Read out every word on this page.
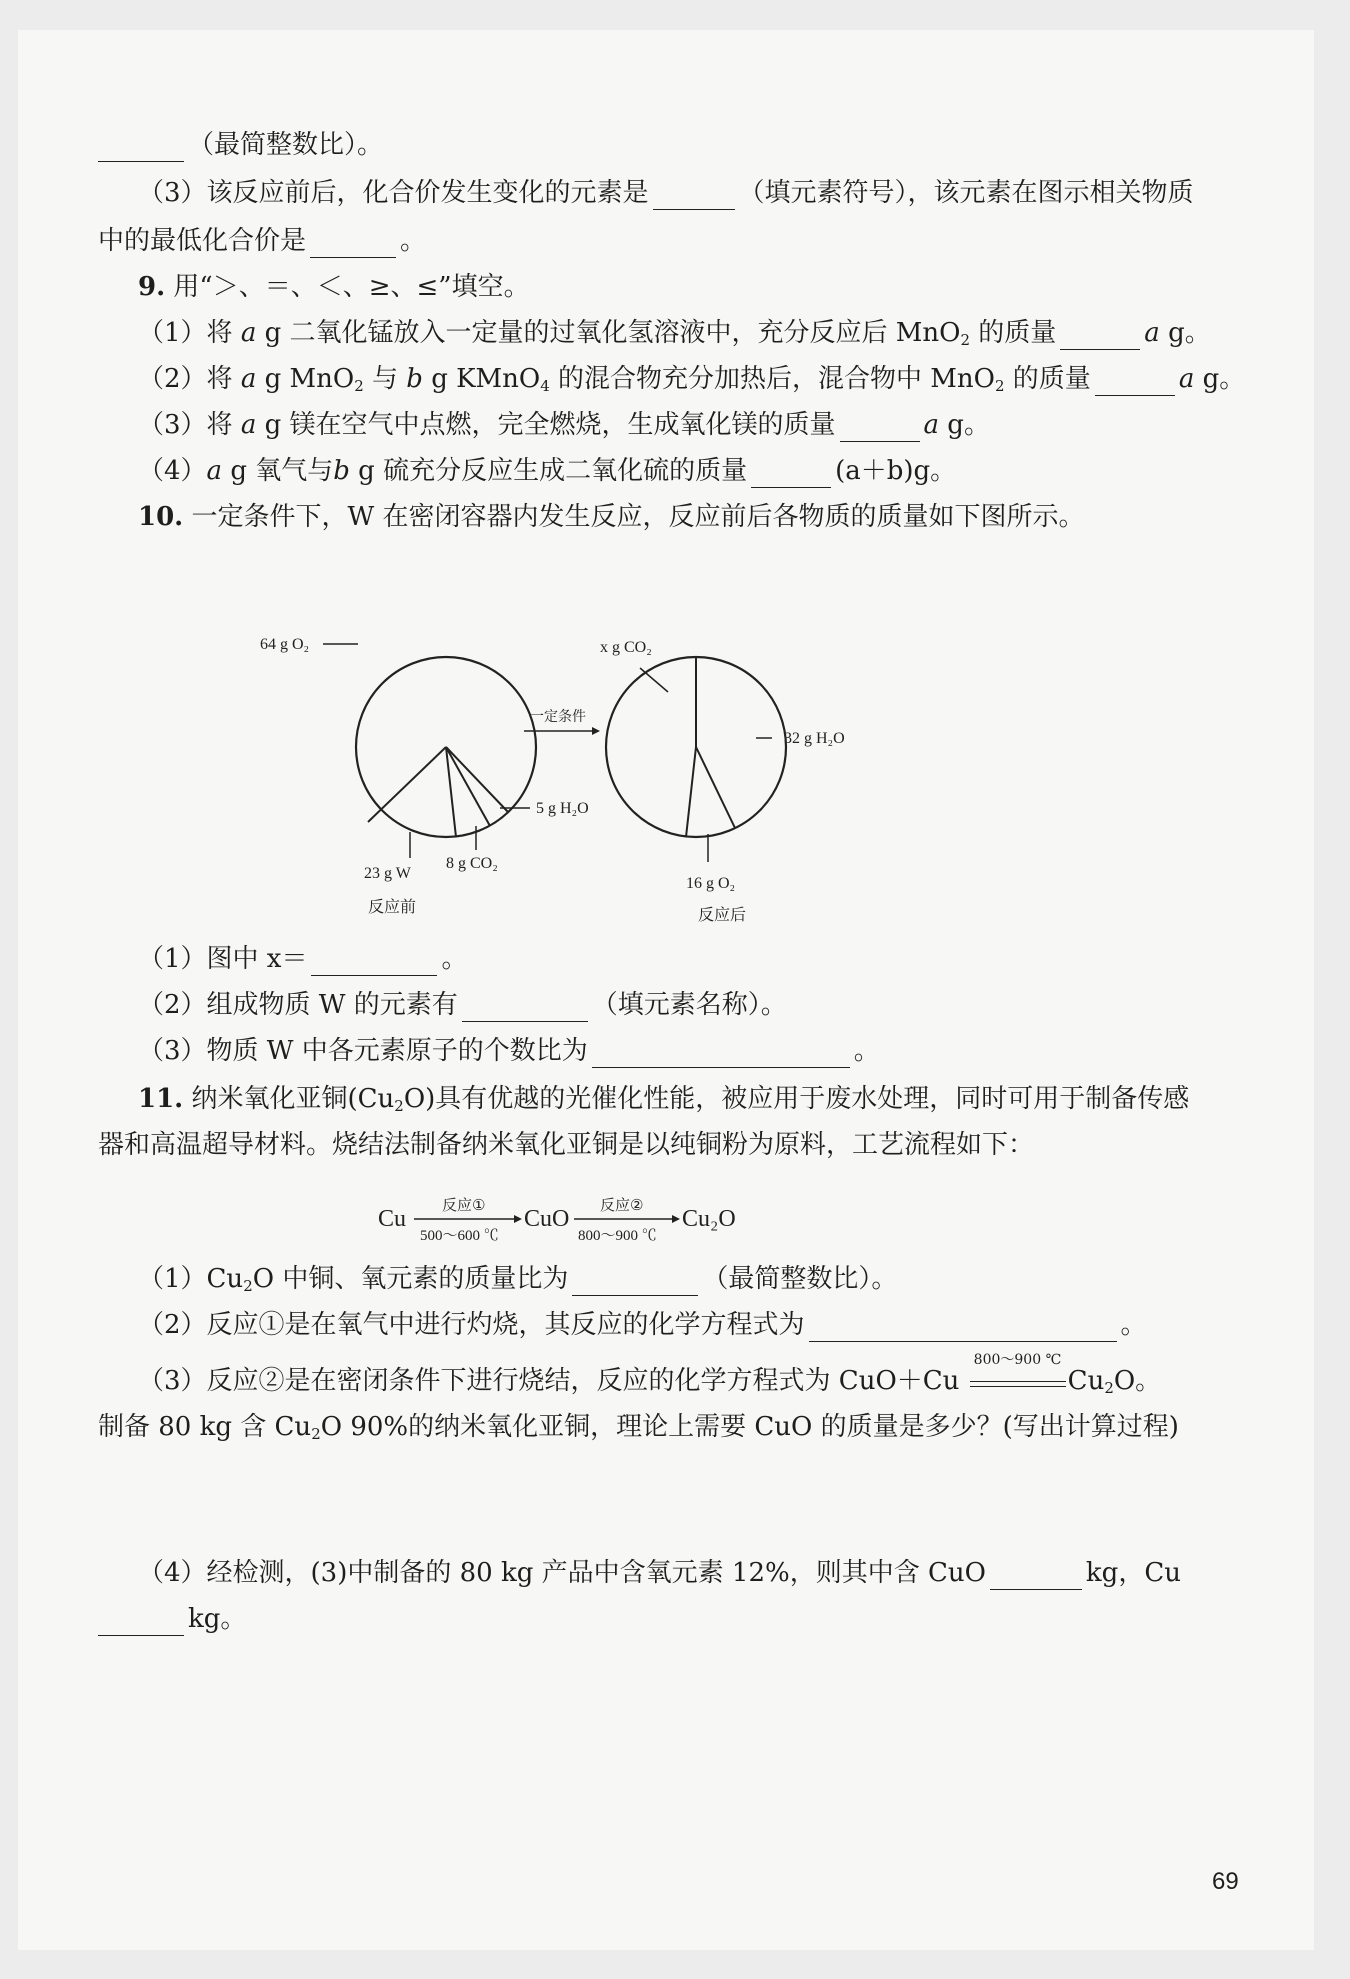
（最简整数比）。
（3）该反应前后，化合价发生变化的元素是	（填元素符号），该元素在图示相关物质
中的最低化合价是	。
9. 用“＞、＝、＜、≥、≤”填空。
（1）将 a g 二氧化锰放入一定量的过氧化氢溶液中，充分反应后 MnO$_2$ 的质量	a g。
（2）将 a g MnO$_2$ 与 b g KMnO$_4$ 的混合物充分加热后，混合物中 MnO$_2$ 的质量	a g。
（3）将 a g 镁在空气中点燃，完全燃烧，生成氧化镁的质量	a g。
（4）a g 氧气与b g 硫充分反应生成二氧化硫的质量	(a＋b)g。
10. 一定条件下，W 在密闭容器内发生反应，反应前后各物质的质量如下图所示。
64 g O₂
5 g H₂O
8 g CO₂
23 g W
反应前
一定条件
x g CO₂
32 g H₂O
16 g O₂
反应后
（1）图中 x＝	。
（2）组成物质 W 的元素有	（填元素名称）。
（3）物质 W 中各元素原子的个数比为	。
11. 纳米氧化亚铜$(Cu_2O)$具有优越的光催化性能，被应用于废水处理，同时可用于制备传感
器和高温超导材料。烧结法制备纳米氧化亚铜是以纯铜粉为原料，工艺流程如下：
Cu
反应①
500～600 ℃
CuO
反应②
800～900 ℃
Cu₂O
$(1)Cu_2O$ 中铜、氧元素的质量比为	（最简整数比）。
（2）反应①是在氧气中进行灼烧，其反应的化学方程式为	。
（3）反应②是在密闭条件下进行烧结，反应的化学方程式为 CuO＋Cu
800～900 ℃
$Cu_2O$。
制备 80 kg 含 $Cu_2O$ 90%的纳米氧化亚铜，理论上需要 CuO 的质量是多少？(写出计算过程)
（4）经检测，(3)中制备的 80 kg 产品中含氧元素 12%，则其中含 CuO	kg，Cu
kg。
69
